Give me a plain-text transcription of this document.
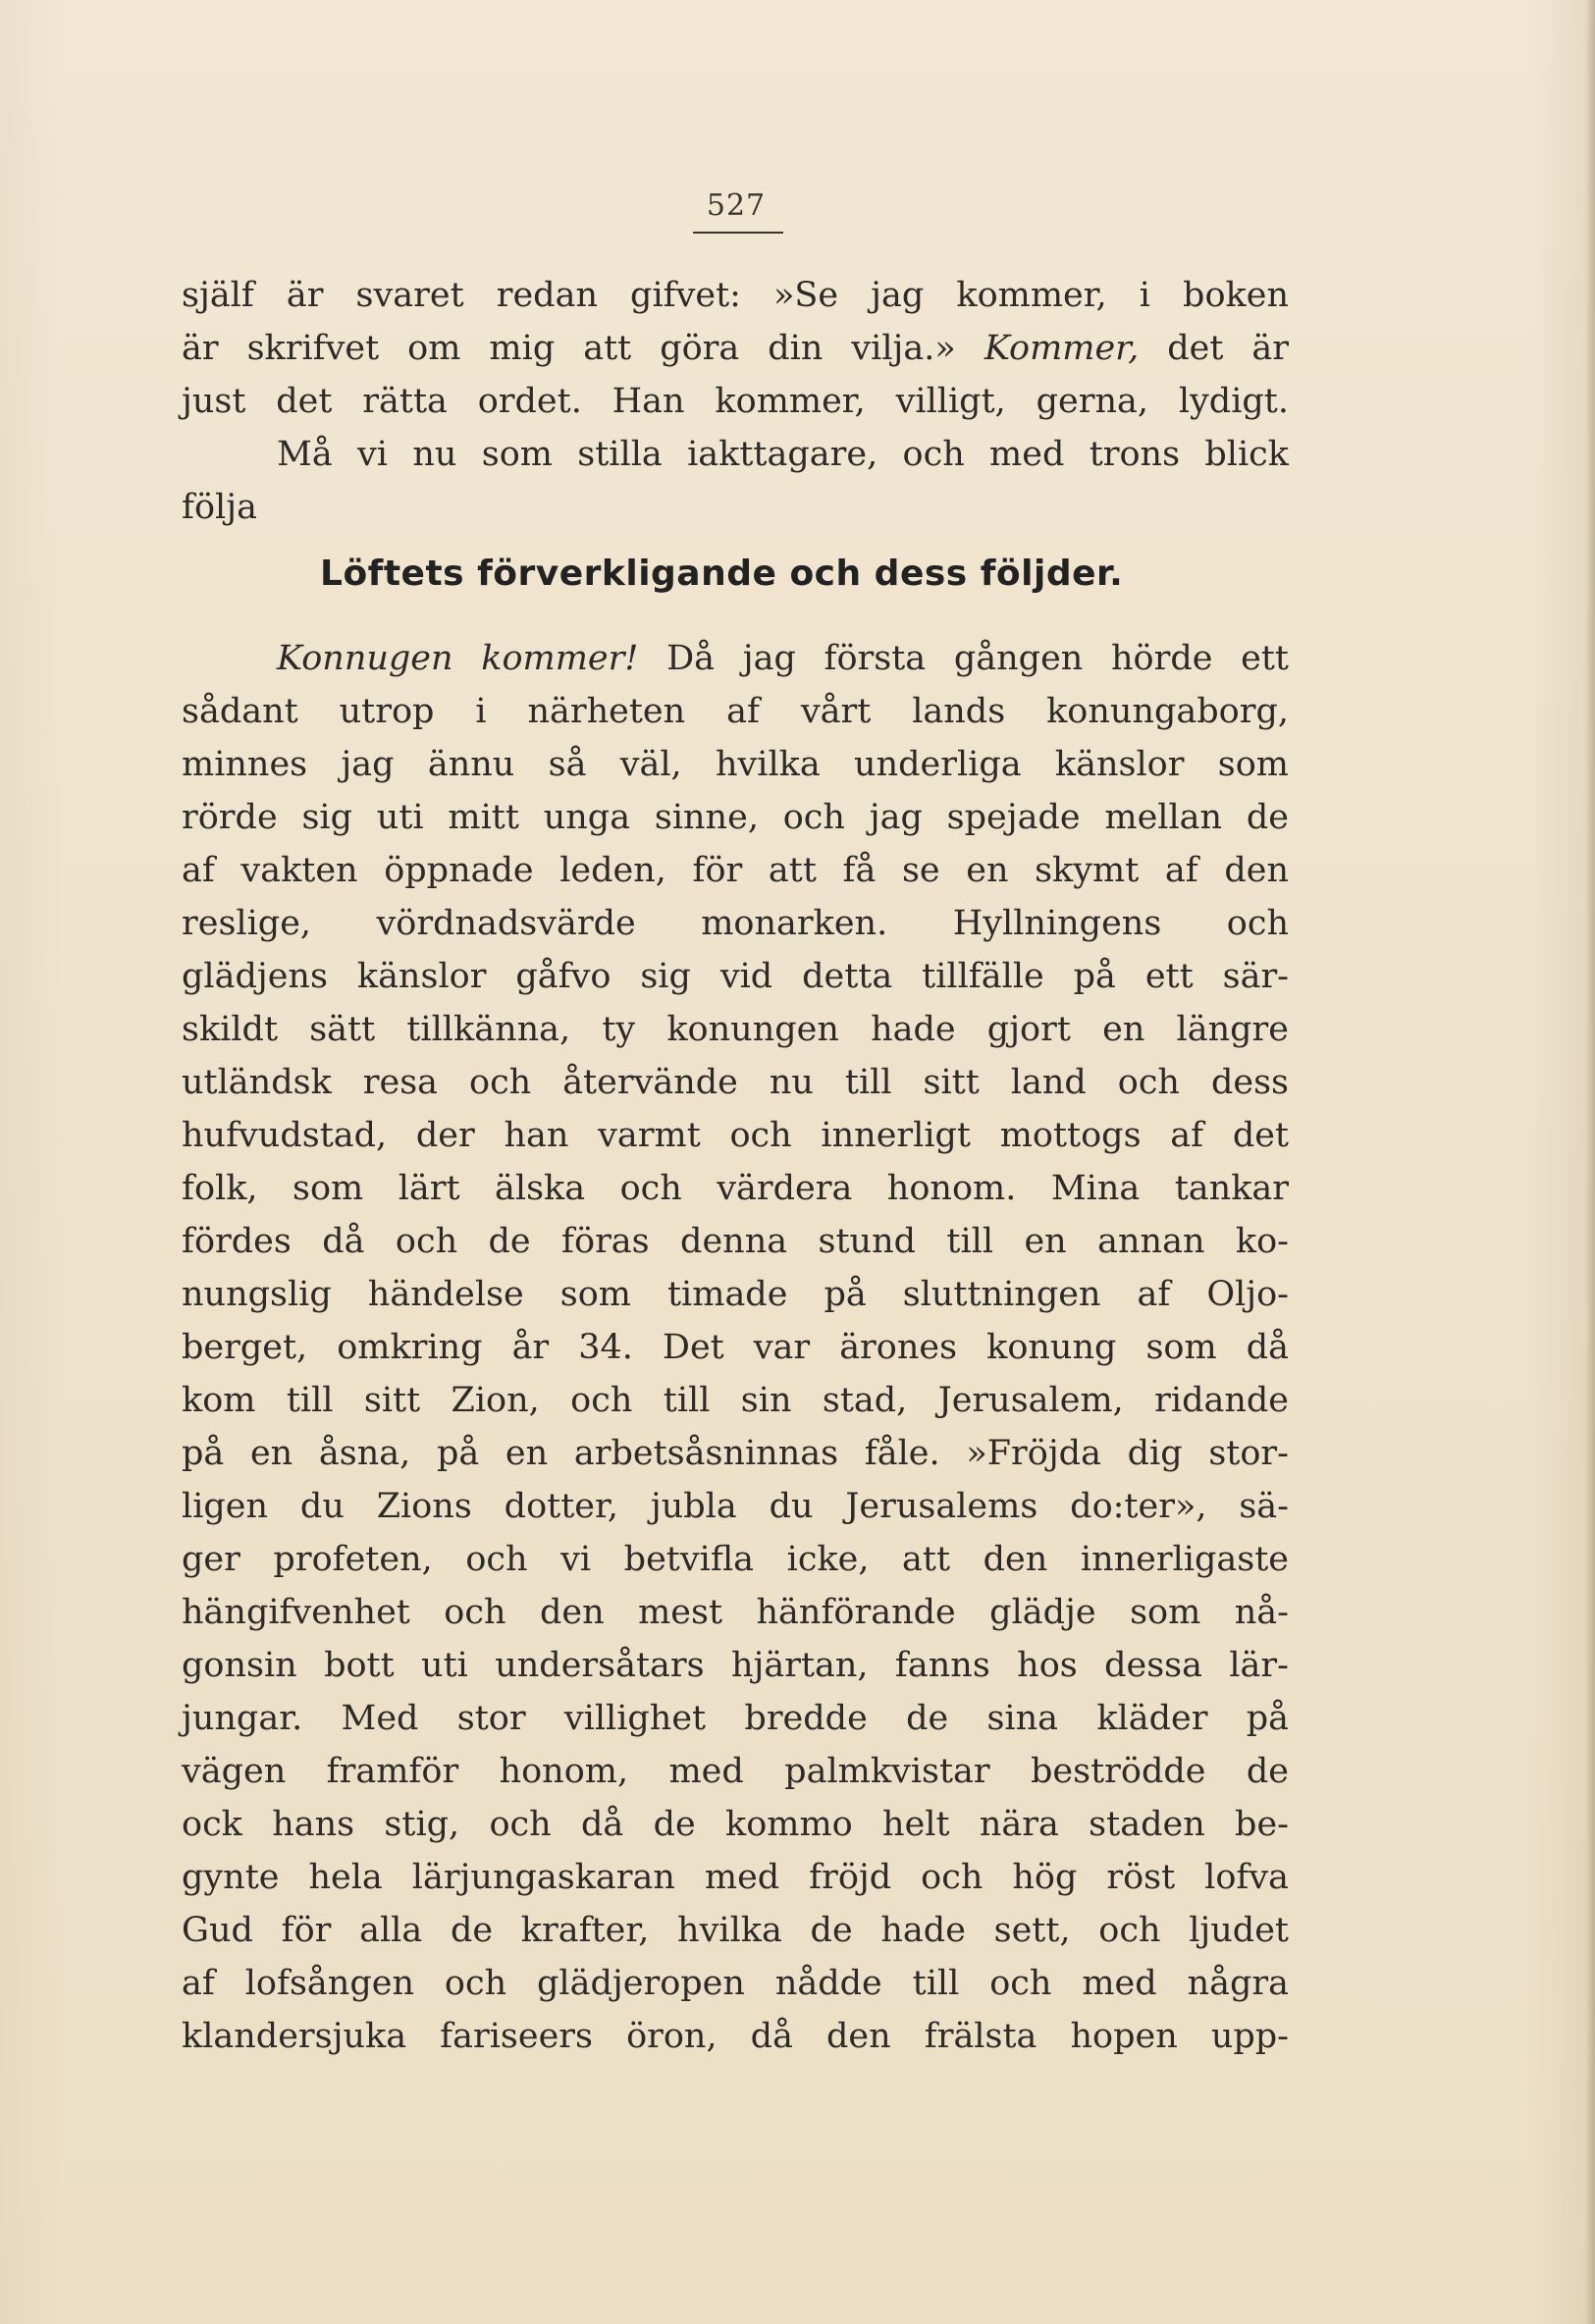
527
själf är svaret redan gifvet: »Se jag kommer, i boken
är skrifvet om mig att göra din vilja.» Kommer, det är
just det rätta ordet. Han kommer, villigt, gerna, lydigt.
Må vi nu som stilla iakttagare, och med trons blick
följa
Löftets förverkligande och dess följder.
Konnugen kommer! Då jag första gången hörde ett
sådant utrop i närheten af vårt lands konungaborg,
minnes jag ännu så väl, hvilka underliga känslor som
rörde sig uti mitt unga sinne, och jag spejade mellan de
af vakten öppnade leden, för att få se en skymt af den
reslige, vördnadsvärde monarken. Hyllningens och
glädjens känslor gåfvo sig vid detta tillfälle på ett sär-
skildt sätt tillkänna, ty konungen hade gjort en längre
utländsk resa och återvände nu till sitt land och dess
hufvudstad, der han varmt och innerligt mottogs af det
folk, som lärt älska och värdera honom. Mina tankar
fördes då och de föras denna stund till en annan ko-
nungslig händelse som timade på sluttningen af Oljo-
berget, omkring år 34. Det var ärones konung som då
kom till sitt Zion, och till sin stad, Jerusalem, ridande
på en åsna, på en arbetsåsninnas fåle. »Fröjda dig stor-
ligen du Zions dotter, jubla du Jerusalems do:ter», sä-
ger profeten, och vi betvifla icke, att den innerligaste
hängifvenhet och den mest hänförande glädje som nå-
gonsin bott uti undersåtars hjärtan, fanns hos dessa lär-
jungar. Med stor villighet bredde de sina kläder på
vägen framför honom, med palmkvistar beströdde de
ock hans stig, och då de kommo helt nära staden be-
gynte hela lärjungaskaran med fröjd och hög röst lofva
Gud för alla de krafter, hvilka de hade sett, och ljudet
af lofsången och glädjeropen nådde till och med några
klandersjuka fariseers öron, då den frälsta hopen upp-
